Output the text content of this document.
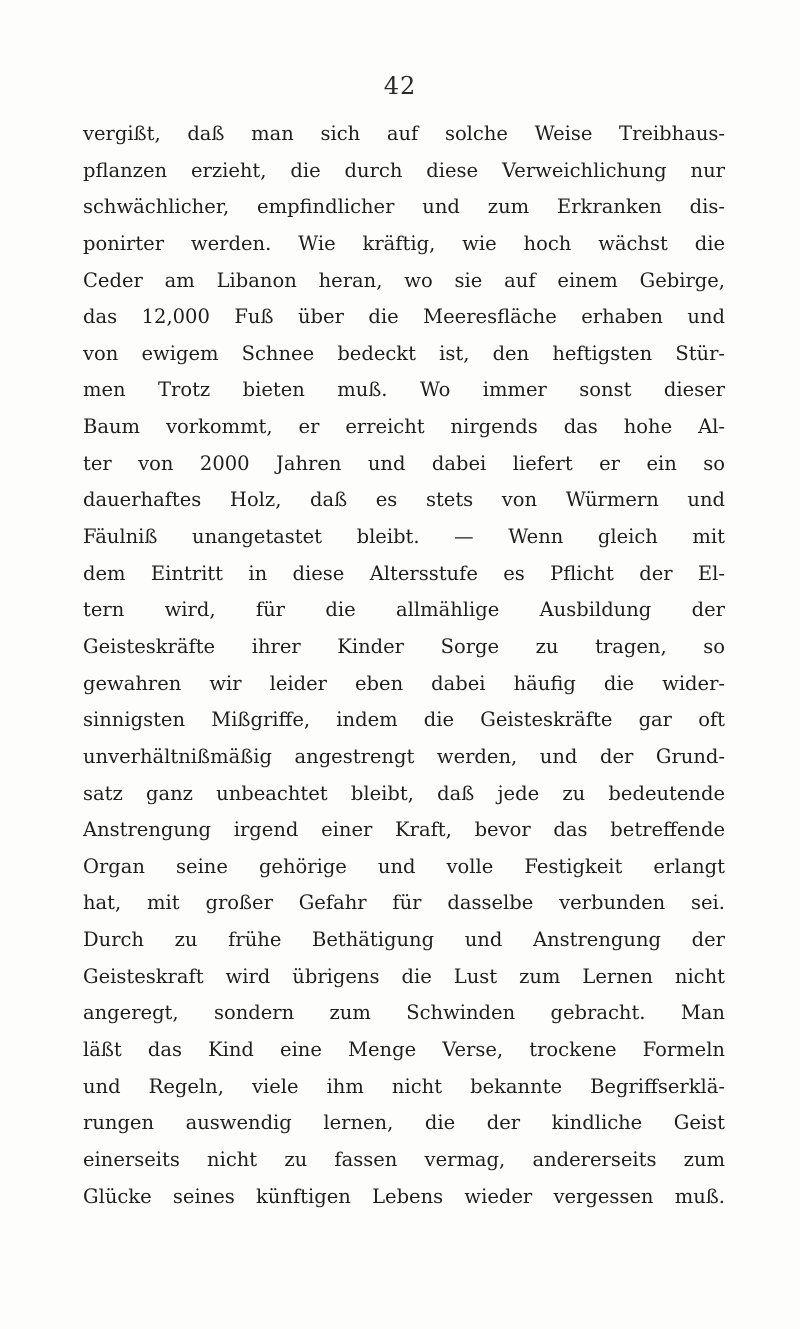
42
vergißt, daß man sich auf solche Weise Treibhaus-
pflanzen erzieht, die durch diese Verweichlichung nur
schwächlicher, empfindlicher und zum Erkranken dis-
ponirter werden. Wie kräftig, wie hoch wächst die
Ceder am Libanon heran, wo sie auf einem Gebirge,
das 12,000 Fuß über die Meeresfläche erhaben und
von ewigem Schnee bedeckt ist, den heftigsten Stür-
men Trotz bieten muß. Wo immer sonst dieser
Baum vorkommt, er erreicht nirgends das hohe Al-
ter von 2000 Jahren und dabei liefert er ein so
dauerhaftes Holz, daß es stets von Würmern und
Fäulniß unangetastet bleibt. — Wenn gleich mit
dem Eintritt in diese Altersstufe es Pflicht der El-
tern wird, für die allmählige Ausbildung der
Geisteskräfte ihrer Kinder Sorge zu tragen, so
gewahren wir leider eben dabei häufig die wider-
sinnigsten Mißgriffe, indem die Geisteskräfte gar oft
unverhältnißmäßig angestrengt werden, und der Grund-
satz ganz unbeachtet bleibt, daß jede zu bedeutende
Anstrengung irgend einer Kraft, bevor das betreffende
Organ seine gehörige und volle Festigkeit erlangt
hat, mit großer Gefahr für dasselbe verbunden sei.
Durch zu frühe Bethätigung und Anstrengung der
Geisteskraft wird übrigens die Lust zum Lernen nicht
angeregt, sondern zum Schwinden gebracht. Man
läßt das Kind eine Menge Verse, trockene Formeln
und Regeln, viele ihm nicht bekannte Begriffserklä-
rungen auswendig lernen, die der kindliche Geist
einerseits nicht zu fassen vermag, andererseits zum
Glücke seines künftigen Lebens wieder vergessen muß.
